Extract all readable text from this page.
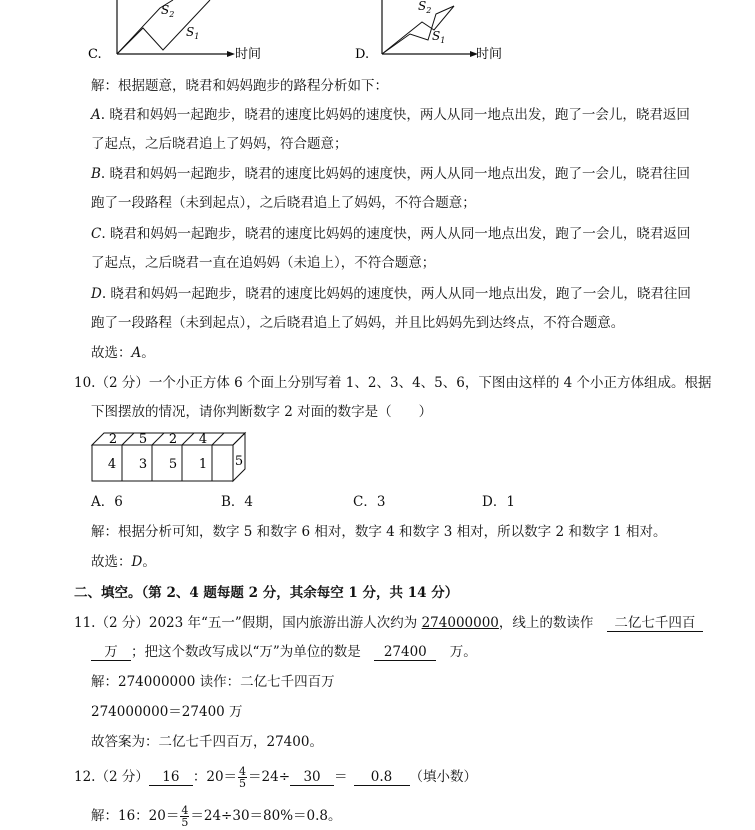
C.
$S_2$
$S_1$
时间	D.
$S_2$
$S_1$
时间
解：根据题意，晓君和妈妈跑步的路程分析如下：
A. 晓君和妈妈一起跑步，晓君的速度比妈妈的速度快，两人从同一地点出发，跑了一会儿，晓君返回
了起点，之后晓君追上了妈妈，符合题意；
B. 晓君和妈妈一起跑步，晓君的速度比妈妈的速度快，两人从同一地点出发，跑了一会儿，晓君往回
跑了一段路程（未到起点），之后晓君追上了妈妈，不符合题意；
C. 晓君和妈妈一起跑步，晓君的速度比妈妈的速度快，两人从同一地点出发，跑了一会儿，晓君返回
了起点，之后晓君一直在追妈妈（未追上），不符合题意；
D. 晓君和妈妈一起跑步，晓君的速度比妈妈的速度快，两人从同一地点出发，跑了一会儿，晓君往回
跑了一段路程（未到起点），之后晓君追上了妈妈，并且比妈妈先到达终点，不符合题意。
故选：A。
10.（2 分）一个小正方体 6 个面上分别写着 1、2、3、4、5、6，下图由这样的 4 个小正方体组成。根据
下图摆放的情况，请你判断数字 2 对面的数字是（　　）
2 5 2 4
4 3 5 1 5
A．6	B．4	C．3	D．1
解：根据分析可知，数字 5 和数字 6 相对，数字 4 和数字 3 相对，所以数字 2 和数字 1 相对。
故选：D。
二、填空。（第 2、4 题每题 2 分，其余每空 1 分，共 14 分）
11.（2 分）2023 年“五一”假期，国内旅游出游人次约为 274000000，线上的数读作　二亿七千四百
万 ；把这个数改写成以“万”为单位的数是　27400　万。
解：274000000 读作：二亿七千四百万
274000000＝27400 万
故答案为：二亿七千四百万，27400。
12.（2 分） 16 ：$20= \frac{4}{5} =24\div 30 = 0.8$ （填小数）
解：16：$20= \frac{4}{5} =24\div 30=80\%=0.8$。
